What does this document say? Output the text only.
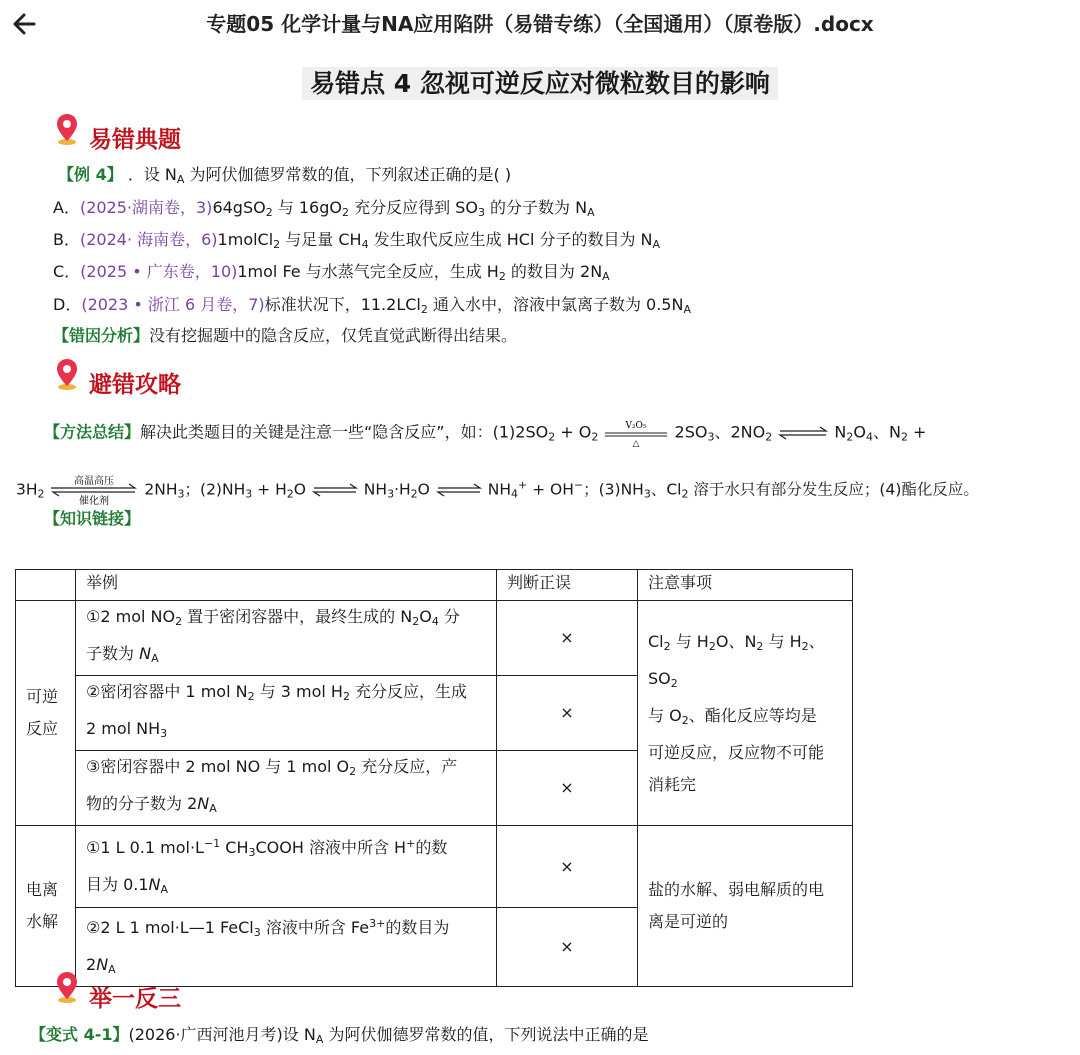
专题05 化学计量与NA应用陷阱（易错专练）（全国通用）（原卷版）.docx
易错点 4 忽视可逆反应对微粒数目的影响
易错典题
【例 4】 ．设 $N_A$ 为阿伏伽德罗常数的值，下列叙述正确的是( )
A．(2025·湖南卷，3)64gSO$_2$ 与 $16gO_2$ 充分反应得到 $SO_3$ 的分子数为 $N_A$
B．(2024· 海南卷，6)1molCl$_2$ 与足量 $CH_4$ 发生取代反应生成 HCl 分子的数目为 $N_A$
C．(2025 • 广东卷，10)1mol Fe 与水蒸气完全反应，生成 $H_2$ 的数目为 $2N_A$
D．(2023 • 浙江 6 月卷，7)标准状况下，11.2LCl$_2$ 通入水中，溶液中氯离子数为 $0.5N_A$
【错因分析】没有挖掘题中的隐含反应，仅凭直觉武断得出结果。
避错攻略
【方法总结】解决此类题目的关键是注意一些“隐含反应”，如：$(1)2SO_2 + O_2$
V₂O₅
△
$2SO_3$、$2NO_2$ ⇌ $N_2O_4$、$N_2$ +
$3H_2$
高温高压
催化剂
$2NH_3$；$(2)NH_3 + H_2O$ ⇌ $NH_3\cdot H_2O$ ⇌ $NH_4^+ + OH^-$；$(3)NH_3$、$Cl_2$ 溶于水只有部分发生反应；(4)酯化反应。
【知识链接】
	举例	判断正误	注意事项
可逆
反应	①2 mol $NO_2$ 置于密闭容器中，最终生成的 $N_2O_4$ 分
子数为 $N_A$	×	$Cl_2$ 与 $H_2O$、$N_2$ 与 $H_2$、$SO_2$
与 $O_2$、酯化反应等均是
可逆反应，反应物不可能
消耗完
	②密闭容器中 1 mol $N_2$ 与 3 mol $H_2$ 充分反应，生成
2 mol $NH_3$	×	
	③密闭容器中 2 mol NO 与 1 mol $O_2$ 充分反应，产
物的分子数为 $2N_A$	×	
电离
水解	①1 L 0.1 $mol\cdot L^{-1}$ $CH_3COOH$ 溶液中所含 H+的数
目为 $0.1N_A$	×	盐的水解、弱电解质的电
离是可逆的
	②2 L 1 mol·L—1 FeCl$_3$ 溶液中所含 $Fe^{3+}$的数目为
$2N_A$	×	
举一反三
【变式 4-1】(2026·广西河池月考)设 $N_A$ 为阿伏伽德罗常数的值，下列说法中正确的是
